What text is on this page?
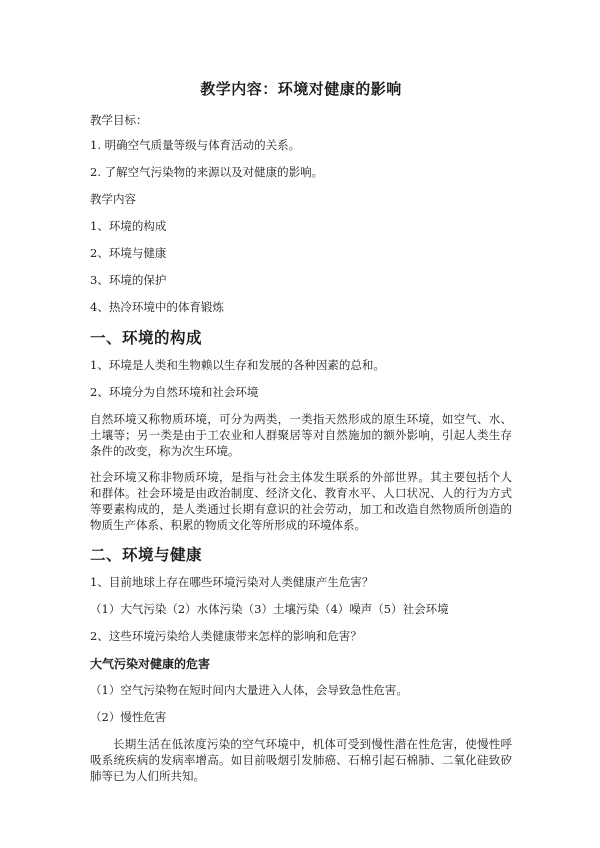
教学内容：环境对健康的影响
教学目标：
1. 明确空气质量等级与体育活动的关系。
2. 了解空气污染物的来源以及对健康的影响。
教学内容
1、环境的构成
2、环境与健康
3、环境的保护
4、热冷环境中的体育锻炼
一、环境的构成
1、环境是人类和生物赖以生存和发展的各种因素的总和。
2、环境分为自然环境和社会环境
自然环境又称物质环境，可分为两类，一类指天然形成的原生环境，如空气、水、土壤等；另一类是由于工农业和人群聚居等对自然施加的额外影响，引起人类生存条件的改变，称为次生环境。
社会环境又称非物质环境，是指与社会主体发生联系的外部世界。其主要包括个人和群体。社会环境是由政治制度、经济文化、教育水平、人口状况、人的行为方式等要素构成的，是人类通过长期有意识的社会劳动，加工和改造自然物质所创造的物质生产体系、积累的物质文化等所形成的环境体系。
二、环境与健康
1、目前地球上存在哪些环境污染对人类健康产生危害？
（1）大气污染（2）水体污染（3）土壤污染（4）噪声（5）社会环境
2、这些环境污染给人类健康带来怎样的影响和危害？
大气污染对健康的危害
（1）空气污染物在短时间内大量进入人体，会导致急性危害。
（2）慢性危害
长期生活在低浓度污染的空气环境中，机体可受到慢性潜在性危害，使慢性呼吸系统疾病的发病率增高。如目前吸烟引发肺癌、石棉引起石棉肺、二氧化硅致矽肺等已为人们所共知。
